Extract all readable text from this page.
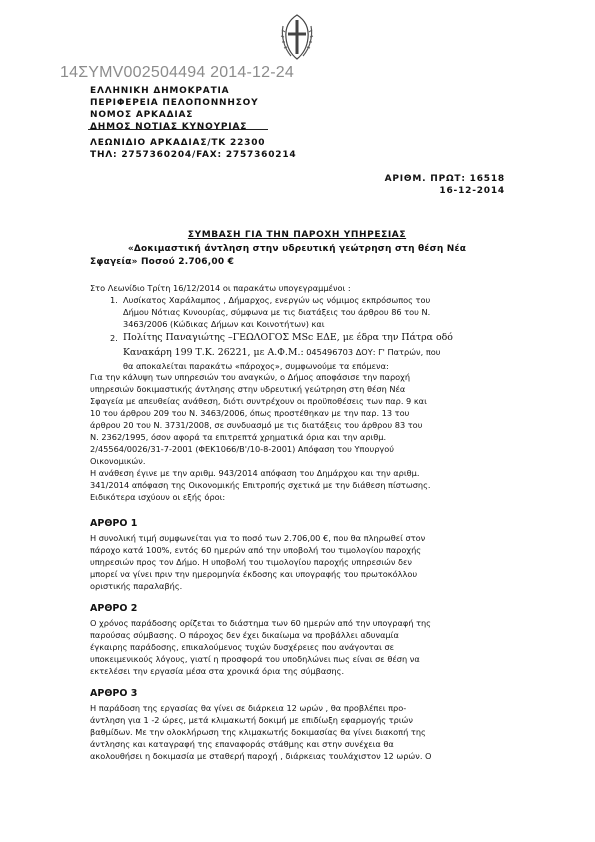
14ΣΥΜV002504494 2014-12-24
ΕΛΛΗΝΙΚΗ ΔΗΜΟΚΡΑΤΙΑ
ΠΕΡΙΦΕΡΕΙΑ ΠΕΛΟΠΟΝΝΗΣΟΥ
ΝΟΜΟΣ ΑΡΚΑΔΙΑΣ
ΔΗΜΟΣ ΝΟΤΙΑΣ ΚΥΝΟΥΡΙΑΣ
ΛΕΩΝΙΔΙΟ ΑΡΚΑΔΙΑΣ/ΤΚ 22300
ΤΗΛ: 2757360204/FAX: 2757360214
ΑΡΙΘΜ. ΠΡΩΤ: 16518
16-12-2014
ΣΥΜΒΑΣΗ ΓΙΑ ΤΗΝ ΠΑΡΟΧΗ ΥΠΗΡΕΣΙΑΣ
«Δοκιμαστική άντληση στην υδρευτική γεώτρηση στη θέση Νέα
Σφαγεία» Ποσού 2.706,00 €
Στο Λεωνίδιο Τρίτη 16/12/2014 οι παρακάτω υπογεγραμμένοι :
1. Λυσίκατος Χαράλαμπος , Δήμαρχος, ενεργών ως νόμιμος εκπρόσωπος του
Δήμου Νότιας Κυνουρίας, σύμφωνα με τις διατάξεις του άρθρου 86 του Ν.
3463/2006 (Κώδικας Δήμων και Κοινοτήτων) και
2. Πολίτης Παναγιώτης –ΓΕΩΛΟΓΟΣ MSc ΕΔΕ, με έδρα την Πάτρα οδό
Κανακάρη 199 Τ.Κ. 26221, με Α.Φ.Μ.: 045496703 ΔΟΥ: Γ' Πατρών, που
θα αποκαλείται παρακάτω «πάροχος», συμφωνούμε τα επόμενα:

Για την κάλυψη των υπηρεσιών του αναγκών, ο Δήμος αποφάσισε την παροχή

υπηρεσιών δοκιμαστικής άντλησης στην υδρευτική γεώτρηση στη θέση Νέα

Σφαγεία με απευθείας ανάθεση, διότι συντρέχουν οι προϋποθέσεις των παρ. 9 και

10 του άρθρου 209 του Ν. 3463/2006, όπως προστέθηκαν με την παρ. 13 του

άρθρου 20 του Ν. 3731/2008, σε συνδυασμό με τις διατάξεις του άρθρου 83 του

Ν. 2362/1995, όσον αφορά τα επιτρεπτά χρηματικά όρια και την αριθμ.

2/45564/0026/31-7-2001 (ΦΕΚ1066/Β'/10-8-2001) Απόφαση του Υπουργού

Οικονομικών.

Η ανάθεση έγινε με την αριθμ. 943/2014 απόφαση του Δημάρχου και την αριθμ.

341/2014 απόφαση της Οικονομικής Επιτροπής σχετικά με την διάθεση πίστωσης.

Ειδικότερα ισχύουν οι εξής όροι:

ΑΡΘΡΟ 1

Η συνολική τιμή συμφωνείται για το ποσό των 2.706,00 €, που θα πληρωθεί στον

πάροχο κατά 100%, εντός 60 ημερών από την υποβολή του τιμολογίου παροχής

υπηρεσιών προς τον Δήμο. Η υποβολή του τιμολογίου παροχής υπηρεσιών δεν

μπορεί να γίνει πριν την ημερομηνία έκδοσης και υπογραφής του πρωτοκόλλου

οριστικής παραλαβής.

ΑΡΘΡΟ 2

Ο χρόνος παράδοσης ορίζεται το διάστημα των 60 ημερών από την υπογραφή της

παρούσας σύμβασης. Ο πάροχος δεν έχει δικαίωμα να προβάλλει αδυναμία

έγκαιρης παράδοσης, επικαλούμενος τυχών δυσχέρειες που ανάγονται σε

υποκειμενικούς λόγους, γιατί η προσφορά του υποδηλώνει πως είναι σε θέση να

εκτελέσει την εργασία μέσα στα χρονικά όρια της σύμβασης.

ΑΡΘΡΟ 3

Η παράδοση της εργασίας θα γίνει σε διάρκεια 12 ωρών , θα προβλέπει προ-

άντληση για 1 -2 ώρες, μετά κλιμακωτή δοκιμή με επιδίωξη εφαρμογής τριών

βαθμίδων. Με την ολοκλήρωση της κλιμακωτής δοκιμασίας θα γίνει διακοπή της

άντλησης και καταγραφή της επαναφοράς στάθμης και στην συνέχεια θα

ακολουθήσει η δοκιμασία με σταθερή παροχή , διάρκειας τουλάχιστον 12 ωρών. Ο
